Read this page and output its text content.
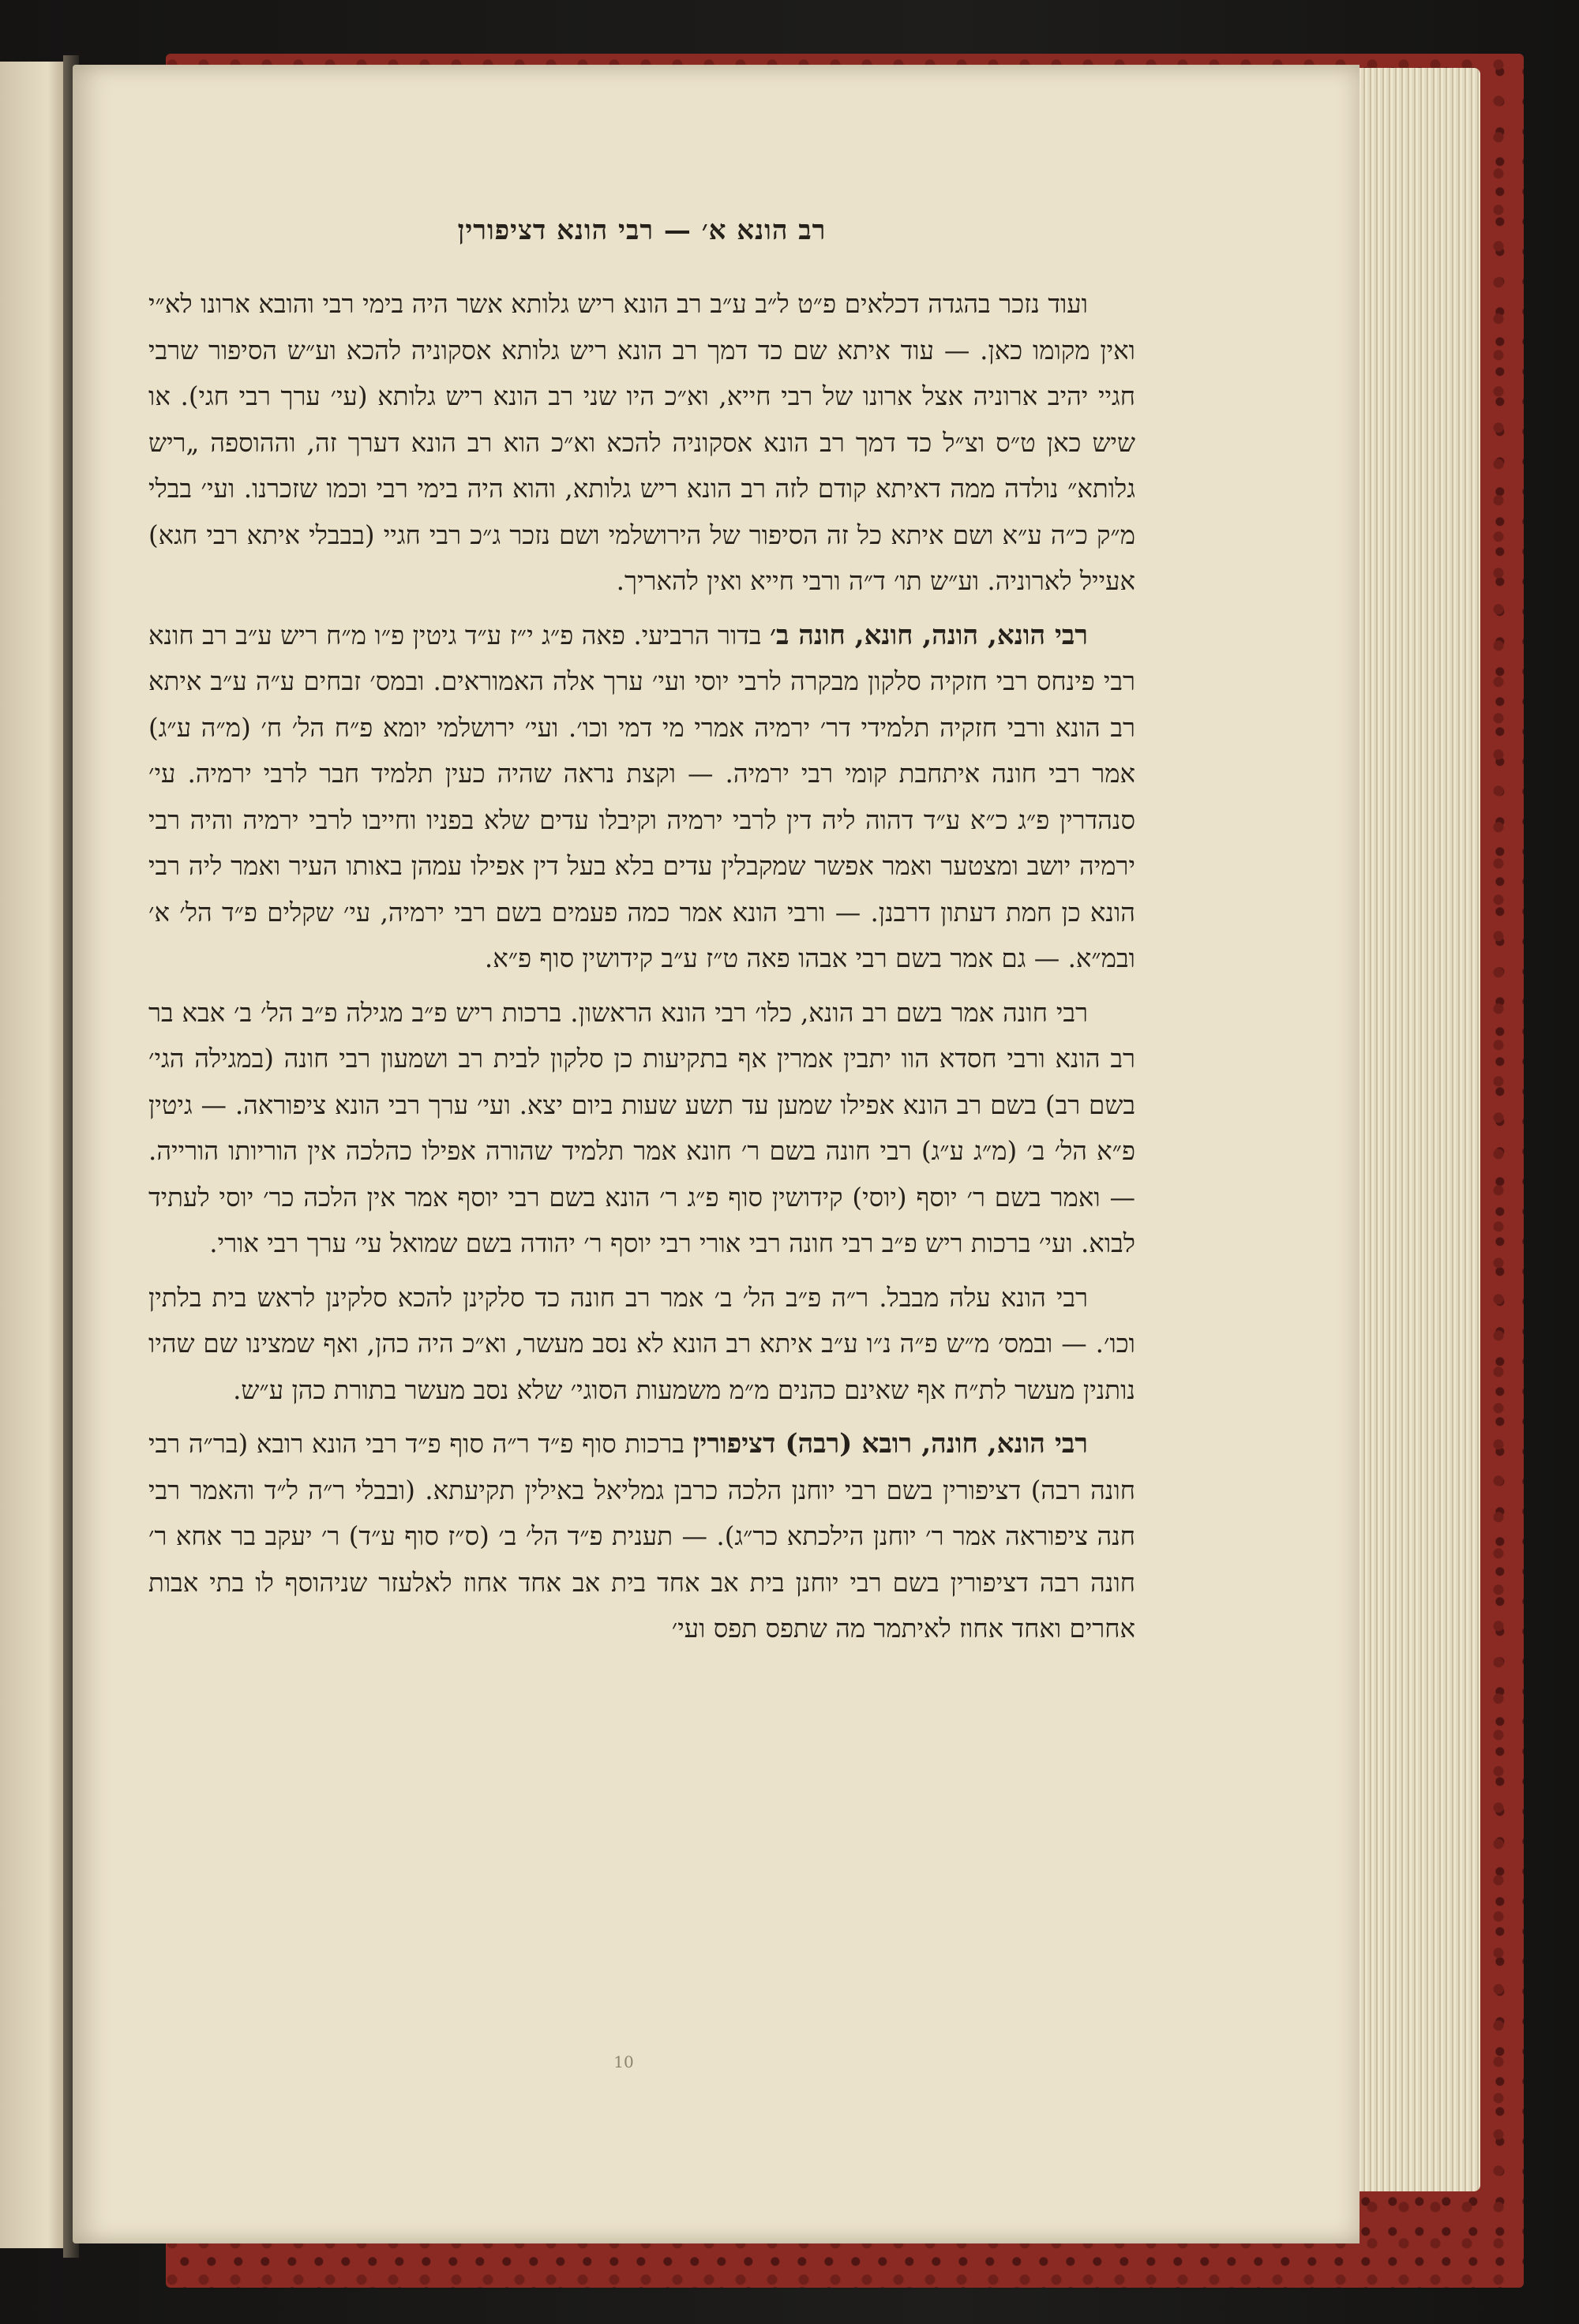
רב הונא א׳ — רבי הונא דציפורין

ועוד נזכר בהגדה דכלאים פ״ט ל״ב ע״ב רב הונא ריש גלותא אשר היה בימי רבי והובא ארונו לא״י ואין מקומו כאן. — עוד איתא שם כד דמך רב הונא ריש גלותא אסקוניה להכא וע״ש הסיפור שרבי חגיי יהיב ארוניה אצל ארונו של רבי חייא, וא״כ היו שני רב הונא ריש גלותא (עי׳ ערך רבי חגי). או שיש כאן ט״ס וצ״ל כד דמך רב הונא אסקוניה להכא וא״כ הוא רב הונא דערך זה, וההוספה „ריש גלותא״ נולדה ממה דאיתא קודם לזה רב הונא ריש גלותא, והוא היה בימי רבי וכמו שזכרנו. ועי׳ בבלי מ״ק כ״ה ע״א ושם איתא כל זה הסיפור של הירושלמי ושם נזכר ג״כ רבי חגיי (בבבלי איתא רבי חגא) אעייל לארוניה. וע״ש תו׳ ד״ה ורבי חייא ואין להאריך.

רבי הונא, הונה, חונא, חונה ב׳ בדור הרביעי. פאה פ״ג י״ז ע״ד גיטין פ״ו מ״ח ריש ע״ב רב חונא רבי פינחס רבי חזקיה סלקון מבקרה לרבי יוסי ועי׳ ערך אלה האמוראים. ובמס׳ זבחים ע״ה ע״ב איתא רב הונא ורבי חזקיה תלמידי דר׳ ירמיה אמרי מי דמי וכו׳. ועי׳ ירושלמי יומא פ״ח הל׳ ח׳ (מ״ה ע״ג) אמר רבי חונה איתחבת קומי רבי ירמיה. — וקצת נראה שהיה כעין תלמיד חבר לרבי ירמיה. עי׳ סנהדרין פ״ג כ״א ע״ד דהוה ליה דין לרבי ירמיה וקיבלו עדים שלא בפניו וחייבו לרבי ירמיה והיה רבי ירמיה יושב ומצטער ואמר אפשר שמקבלין עדים בלא בעל דין אפילו עמהן באותו העיר ואמר ליה רבי הונא כן חמת דעתון דרבנן. — ורבי הונא אמר כמה פעמים בשם רבי ירמיה, עי׳ שקלים פ״ד הל׳ א׳ ובמ״א. — גם אמר בשם רבי אבהו פאה ט״ז ע״ב קידושין סוף פ״א.

רבי חונה אמר בשם רב הונא, כלו׳ רבי הונא הראשון. ברכות ריש פ״ב מגילה פ״ב הל׳ ב׳ אבא בר רב הונא ורבי חסדא הוו יתבין אמרין אף בתקיעות כן סלקון לבית רב ושמעון רבי חונה (במגילה הגי׳ בשם רב) בשם רב הונא אפילו שמען עד תשע שעות ביום יצא. ועי׳ ערך רבי הונא ציפוראה. — גיטין פ״א הל׳ ב׳ (מ״ג ע״ג) רבי חונה בשם ר׳ חונא אמר תלמיד שהורה אפילו כהלכה אין הוריותו הורייה. — ואמר בשם ר׳ יוסף (יוסי) קידושין סוף פ״ג ר׳ הונא בשם רבי יוסף אמר אין הלכה כר׳ יוסי לעתיד לבוא. ועי׳ ברכות ריש פ״ב רבי חונה רבי אורי רבי יוסף ר׳ יהודה בשם שמואל עי׳ ערך רבי אורי.

רבי הונא עלה מבבל. ר״ה פ״ב הל׳ ב׳ אמר רב חונה כד סלקינן להכא סלקינן לראש בית בלתין וכו׳. — ובמס׳ מ״ש פ״ה נ״ו ע״ב איתא רב הונא לא נסב מעשר, וא״כ היה כהן, ואף שמצינו שם שהיו נותנין מעשר לת״ח אף שאינם כהנים מ״מ משמעות הסוגי׳ שלא נסב מעשר בתורת כהן ע״ש.

רבי הונא, חונה, רובא (רבה) דציפורין ברכות סוף פ״ד ר״ה סוף פ״ד רבי הונא רובא (בר״ה רבי חונה רבה) דציפורין בשם רבי יוחנן הלכה כרבן גמליאל באילין תקיעתא. (ובבלי ר״ה ל״ד והאמר רבי חנה ציפוראה אמר ר׳ יוחנן הילכתא כר״ג). — תענית פ״ד הל׳ ב׳ (ס״ז סוף ע״ד) ר׳ יעקב בר אחא ר׳ חונה רבה דציפורין בשם רבי יוחנן בית אב אחד בית אב אחד אחוז לאלעזר שניהוסף לו בתי אבות אחרים ואחד אחוז לאיתמר מה שתפס תפס ועי׳

10
